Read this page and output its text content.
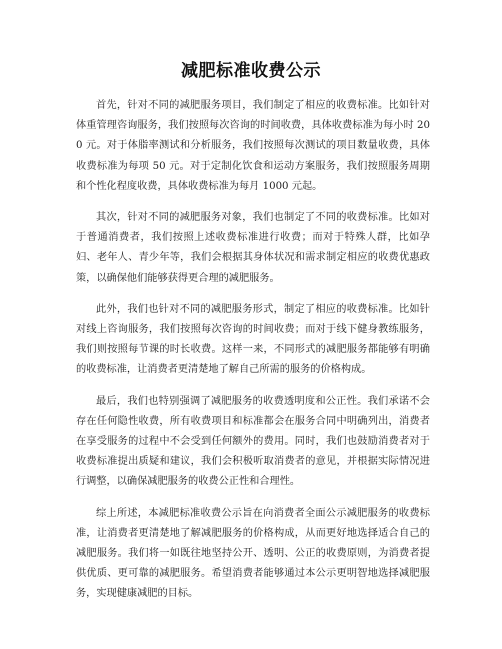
减肥标准收费公示

首先，针对不同的减肥服务项目，我们制定了相应的收费标准。比如针对体重管理咨询服务，我们按照每次咨询的时间收费，具体收费标准为每小时 200 元。对于体脂率测试和分析服务，我们按照每次测试的项目数量收费，具体收费标准为每项 50 元。对于定制化饮食和运动方案服务，我们按照服务周期和个性化程度收费，具体收费标准为每月 1000 元起。

其次，针对不同的减肥服务对象，我们也制定了不同的收费标准。比如对于普通消费者，我们按照上述收费标准进行收费；而对于特殊人群，比如孕妇、老年人、青少年等，我们会根据其身体状况和需求制定相应的收费优惠政策，以确保他们能够获得更合理的减肥服务。

此外，我们也针对不同的减肥服务形式，制定了相应的收费标准。比如针对线上咨询服务，我们按照每次咨询的时间收费；而对于线下健身教练服务，我们则按照每节课的时长收费。这样一来，不同形式的减肥服务都能够有明确的收费标准，让消费者更清楚地了解自己所需的服务的价格构成。

最后，我们也特别强调了减肥服务的收费透明度和公正性。我们承诺不会存在任何隐性收费，所有收费项目和标准都会在服务合同中明确列出，消费者在享受服务的过程中不会受到任何额外的费用。同时，我们也鼓励消费者对于收费标准提出质疑和建议，我们会积极听取消费者的意见，并根据实际情况进行调整，以确保减肥服务的收费公正性和合理性。

综上所述，本减肥标准收费公示旨在向消费者全面公示减肥服务的收费标准，让消费者更清楚地了解减肥服务的价格构成，从而更好地选择适合自己的减肥服务。我们将一如既往地坚持公开、透明、公正的收费原则，为消费者提供优质、更可靠的减肥服务。希望消费者能够通过本公示更明智地选择减肥服务，实现健康减肥的目标。
